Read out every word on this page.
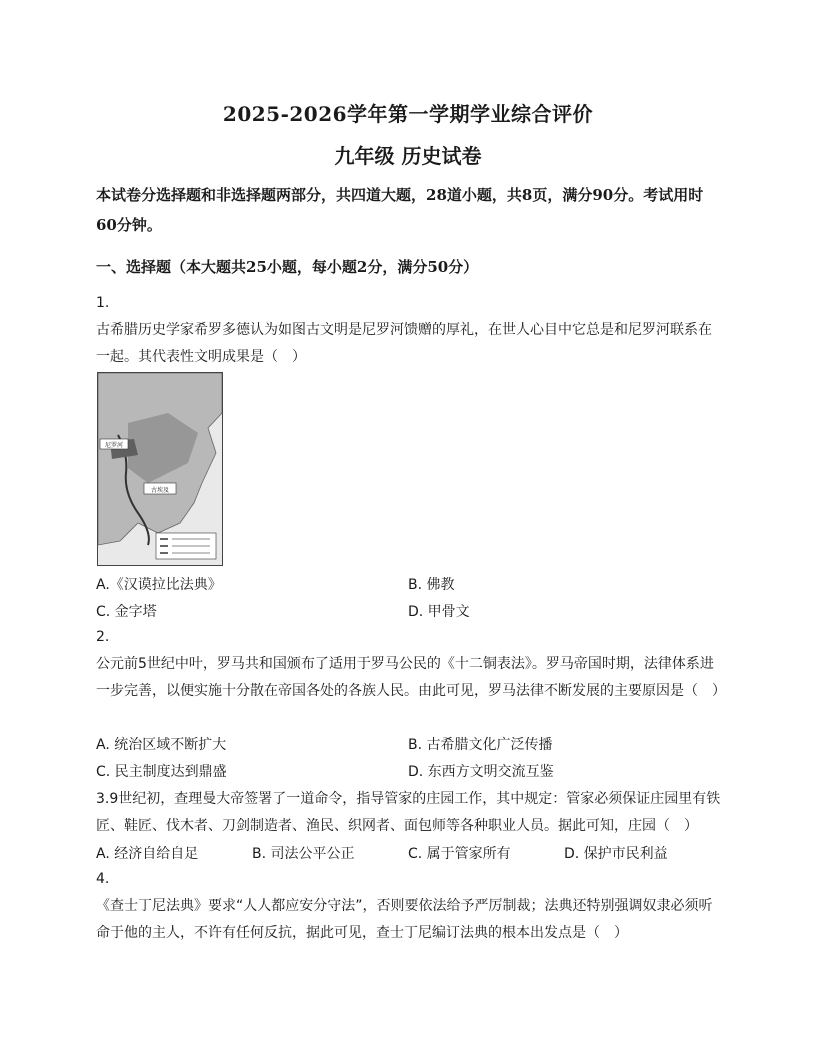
2025-2026学年第一学期学业综合评价
九年级 历史试卷
本试卷分选择题和非选择题两部分，共四道大题，28道小题，共8页，满分90分。考试用时60分钟。
一、选择题（本大题共25小题，每小题2分，满分50分）
1.
古希腊历史学家希罗多德认为如图古文明是尼罗河馈赠的厚礼，在世人心目中它总是和尼罗河联系在一起。其代表性文明成果是（　）
尼罗河
古埃及
A.《汉谟拉比法典》	B. 佛教
C. 金字塔	D. 甲骨文
2.
公元前5世纪中叶，罗马共和国颁布了适用于罗马公民的《十二铜表法》。罗马帝国时期，法律体系进一步完善，以便实施十分散在帝国各处的各族人民。由此可见，罗马法律不断发展的主要原因是（　）
A. 统治区域不断扩大	B. 古希腊文化广泛传播
C. 民主制度达到鼎盛	D. 东西方文明交流互鉴
3.9世纪初，查理曼大帝签署了一道命令，指导管家的庄园工作，其中规定：管家必须保证庄园里有铁匠、鞋匠、伐木者、刀剑制造者、渔民、织网者、面包师等各种职业人员。据此可知，庄园（　）
A. 经济自给自足	B. 司法公平公正	C. 属于管家所有	D. 保护市民利益
4.
《查士丁尼法典》要求“人人都应安分守法”，否则要依法给予严厉制裁；法典还特别强调奴隶必须听命于他的主人，不许有任何反抗，据此可见，查士丁尼编订法典的根本出发点是（　）
